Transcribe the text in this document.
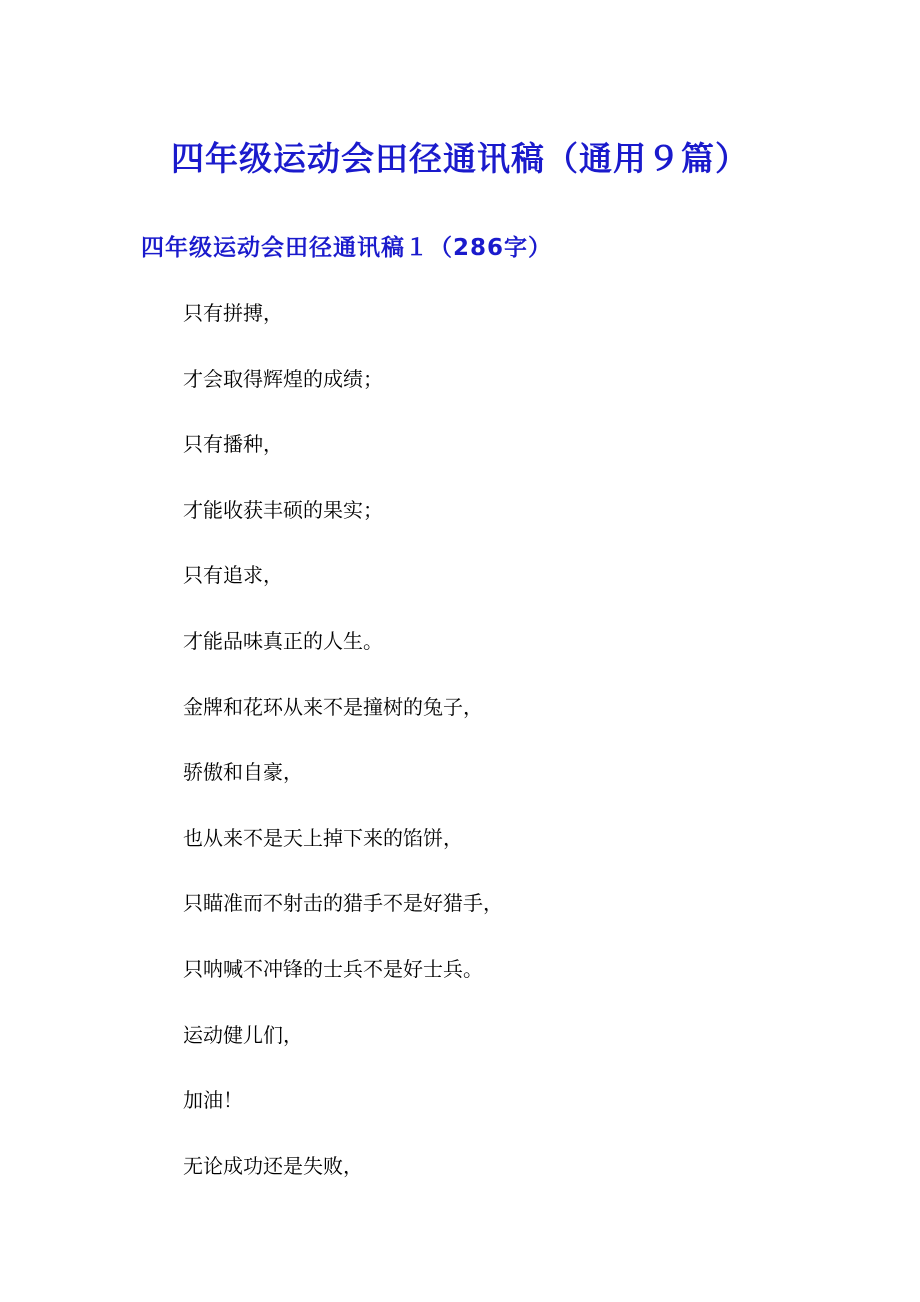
四年级运动会田径通讯稿（通用９篇）
四年级运动会田径通讯稿１（286字）
只有拼搏，
才会取得辉煌的成绩；
只有播种，
才能收获丰硕的果实；
只有追求，
才能品味真正的人生。
金牌和花环从来不是撞树的兔子，
骄傲和自豪，
也从来不是天上掉下来的馅饼，
只瞄准而不射击的猎手不是好猎手，
只呐喊不冲锋的士兵不是好士兵。
运动健儿们，
加油！
无论成功还是失败，
